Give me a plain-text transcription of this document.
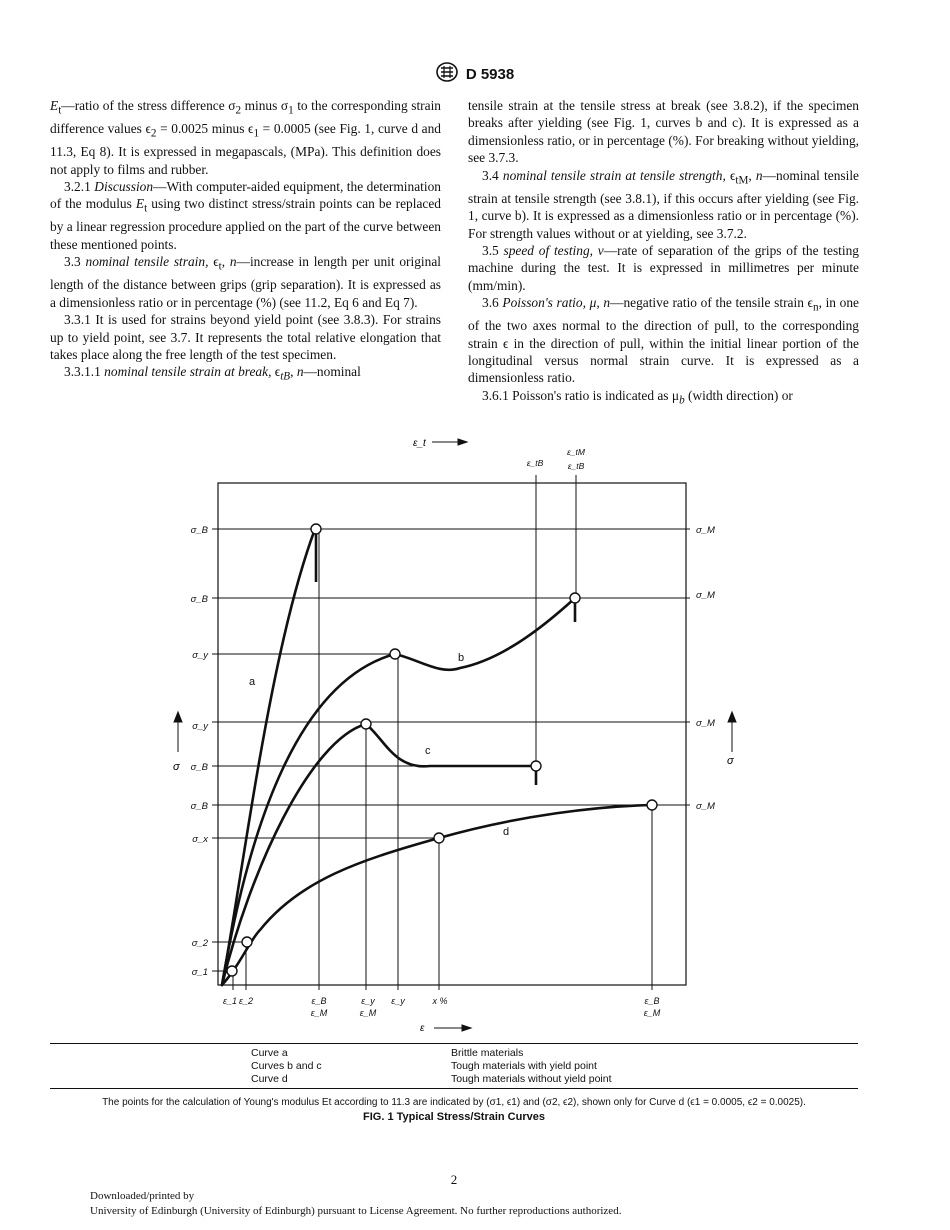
D 5938

$E_t—ratio$ of the stress difference $\sigma_2$ minus $\sigma_1$ to the corresponding strain difference values $\epsilon_2 = 0.0025$ minus $\epsilon_1 = 0.0005$ (see Fig. 1, curve d and 11.3, Eq 8). It is expressed in megapascals, (MPa). This definition does not apply to films and rubber.

3.2.1 Discussion—With computer-aided equipment, the determination of the modulus $E_t$ using two distinct stress/strain points can be replaced by a linear regression procedure applied on the part of the curve between these mentioned points.

3.3 nominal tensile strain, $\epsilon_t$, n—increase in length per unit original length of the distance between grips (grip separation). It is expressed as a dimensionless ratio or in percentage (%) (see 11.2, Eq 6 and Eq 7).

3.3.1 It is used for strains beyond yield point (see 3.8.3). For strains up to yield point, see 3.7. It represents the total relative elongation that takes place along the free length of the test specimen.

3.3.1.1 nominal tensile strain at break, $\epsilon_{tB}$, n—nominal

tensile strain at the tensile stress at break (see 3.8.2), if the specimen breaks after yielding (see Fig. 1, curves b and c). It is expressed as a dimensionless ratio, or in percentage (%). For breaking without yielding, see 3.7.3.

3.4 nominal tensile strain at tensile strength, $\epsilon_{tM}$, n—nominal tensile strain at tensile strength (see 3.8.1), if this occurs after yielding (see Fig. 1, curve b). It is expressed as a dimensionless ratio or in percentage (%). For strength values without or at yielding, see 3.7.2.

3.5 speed of testing, ν—rate of separation of the grips of the testing machine during the test. It is expressed in millimetres per minute (mm/min).

3.6 Poisson's ratio, μ, n—negative ratio of the tensile strain $\epsilon_n$, in one of the two axes normal to the direction of pull, to the corresponding strain ϵ in the direction of pull, within the initial linear portion of the longitudinal versus normal strain curve. It is expressed as a dimensionless ratio.

3.6.1 Poisson's ratio is indicated as $\mu_b$ (width direction) or

a
b
c
d
σ_B
σ_B
σ_y
σ_y
σ_B
σ_B
σ_x
σ_2
σ_1
σ_M
σ_M
σ_M
σ_M
σ	σ
ε_t
ε_tB
ε_tM
ε_tB
ε_1 ε_2	ε_B
ε_M
ε_y
ε_M
ε_y	x %	ε_B
ε_M
ε
Curve a	Brittle materials
Curves b and c	Tough materials with yield point
Curve d	Tough materials without yield point
The points for the calculation of Young's modulus Et according to 11.3 are indicated by (σ1, ϵ1) and (σ2, ϵ2), shown only for Curve d (ϵ1 = 0.0005, ϵ2 = 0.0025).
FIG. 1 Typical Stress/Strain Curves
2
Downloaded/printed by
University of Edinburgh (University of Edinburgh) pursuant to License Agreement. No further reproductions authorized.
